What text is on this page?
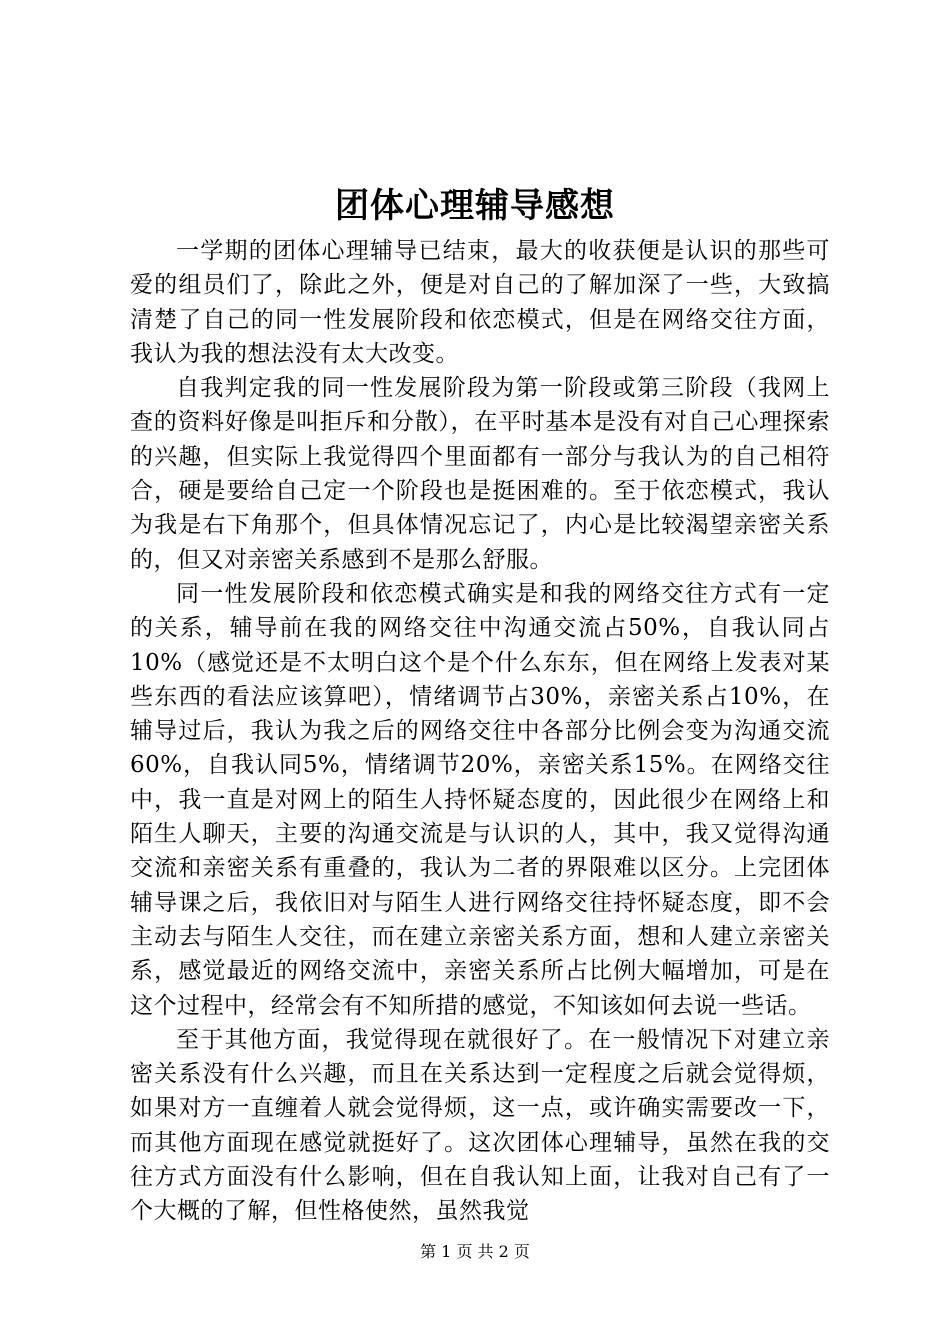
团体心理辅导感想

一学期的团体心理辅导已结束，最大的收获便是认识的那些可爱的组员们了，除此之外，便是对自己的了解加深了一些，大致搞清楚了自己的同一性发展阶段和依恋模式，但是在网络交往方面，我认为我的想法没有太大改变。

自我判定我的同一性发展阶段为第一阶段或第三阶段（我网上查的资料好像是叫拒斥和分散），在平时基本是没有对自己心理探索的兴趣，但实际上我觉得四个里面都有一部分与我认为的自己相符合，硬是要给自己定一个阶段也是挺困难的。至于依恋模式，我认为我是右下角那个，但具体情况忘记了，内心是比较渴望亲密关系的，但又对亲密关系感到不是那么舒服。

同一性发展阶段和依恋模式确实是和我的网络交往方式有一定的关系，辅导前在我的网络交往中沟通交流占50%，自我认同占10%（感觉还是不太明白这个是个什么东东，但在网络上发表对某些东西的看法应该算吧），情绪调节占30%，亲密关系占10%，在辅导过后，我认为我之后的网络交往中各部分比例会变为沟通交流60%，自我认同5%，情绪调节20%，亲密关系15%。在网络交往中，我一直是对网上的陌生人持怀疑态度的，因此很少在网络上和陌生人聊天，主要的沟通交流是与认识的人，其中，我又觉得沟通交流和亲密关系有重叠的，我认为二者的界限难以区分。上完团体辅导课之后，我依旧对与陌生人进行网络交往持怀疑态度，即不会主动去与陌生人交往，而在建立亲密关系方面，想和人建立亲密关系，感觉最近的网络交流中，亲密关系所占比例大幅增加，可是在这个过程中，经常会有不知所措的感觉，不知该如何去说一些话。

至于其他方面，我觉得现在就很好了。在一般情况下对建立亲密关系没有什么兴趣，而且在关系达到一定程度之后就会觉得烦，如果对方一直缠着人就会觉得烦，这一点，或许确实需要改一下，而其他方面现在感觉就挺好了。这次团体心理辅导，虽然在我的交往方式方面没有什么影响，但在自我认知上面，让我对自己有了一个大概的了解，但性格使然，虽然我觉

第 1 页 共 2 页
